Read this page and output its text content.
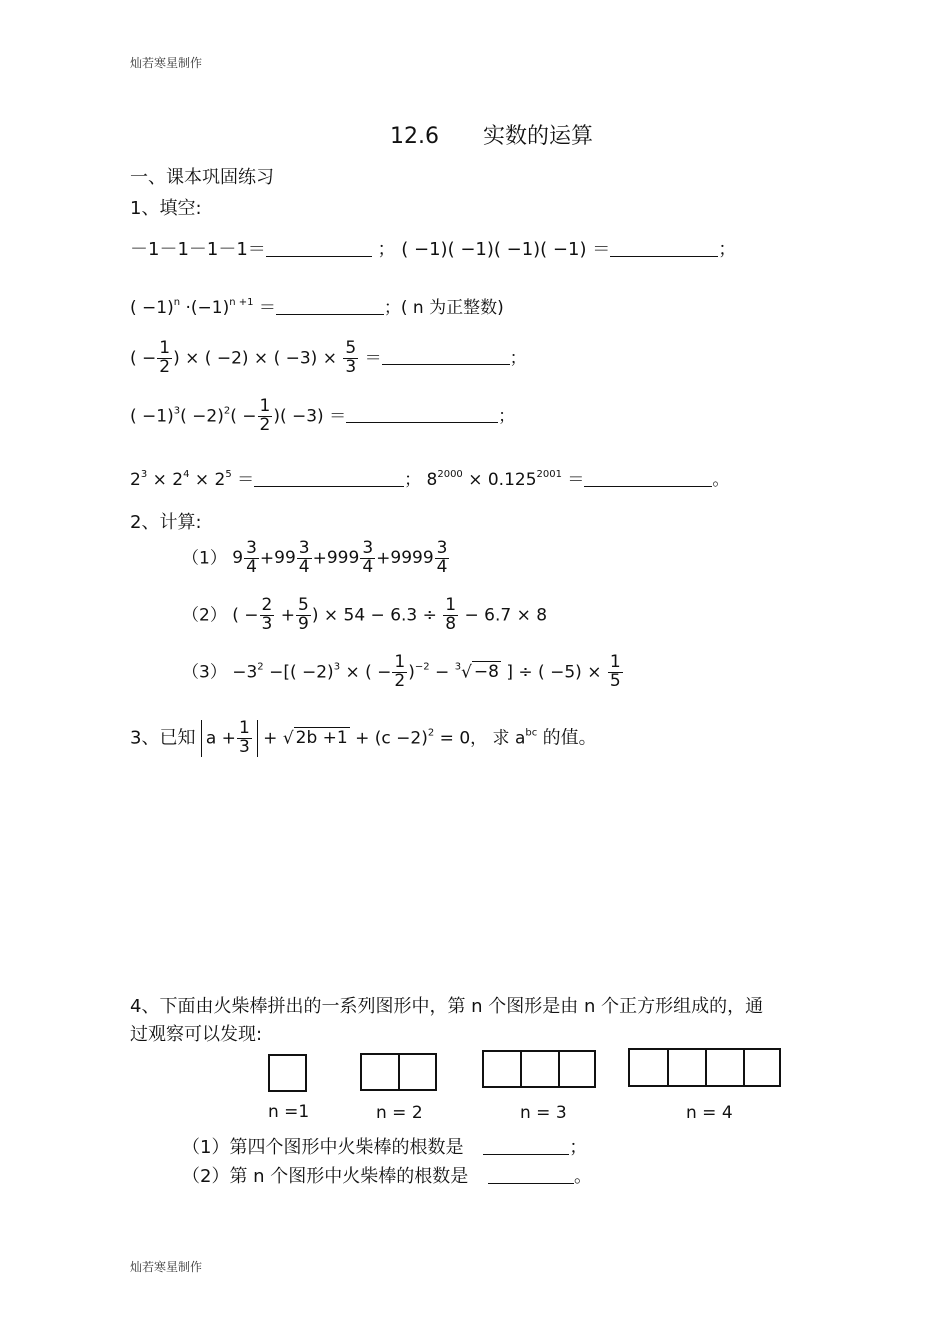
灿若寒星制作
灿若寒星制作
12.6 实数的运算
一、课本巩固练习
1、填空:
－1－1－1－1＝	； ( −1)( −1)( −1)( −1) ＝	；
( $-1)^n \cdot(-1)^{n +1}$ ＝	；( n 为正整数)
( − $\frac{1}{2}$ ) × ( −2) × ( $-3) \times \frac{5}{3}$ ＝	；
( $-1)^3( -2)^2( - \frac{1}{2}$ )( −3) ＝	；
$2^3 \times 2^4 \times 2^5$ ＝	； $8^{2000} \times 0.125^{2001}$ ＝	。
2、计算:
（1） $9 \frac{3}{4} +99 \frac{3}{4} +999 \frac{3}{4} +9999 \frac{3}{4}$
（2） ( − $\frac{2}{3} + \frac{5}{9}$ ) × $54 - 6.3 \div \frac{1}{8} - 6.7 \times 8$
$(3) -3^2$ −[( −2)$^3$ × ( − $\frac{1}{2} )^{-2} - ^3√ -8$ ] ÷ ( $-5) \times \frac{1}{5}$
3、已知 $a + \frac{1}{3}$ + √ $2b +1 + (c -2)^2 = 0$， 求 $a^{bc}$ 的值。
4、下面由火柴棒拼出的一系列图形中，第 n 个图形是由 n 个正方形组成的，通
过观察可以发现:
n =1	n = 2	n = 3	n = 4
（1）第四个图形中火柴棒的根数是	；
（2）第 n 个图形中火柴棒的根数是	。
